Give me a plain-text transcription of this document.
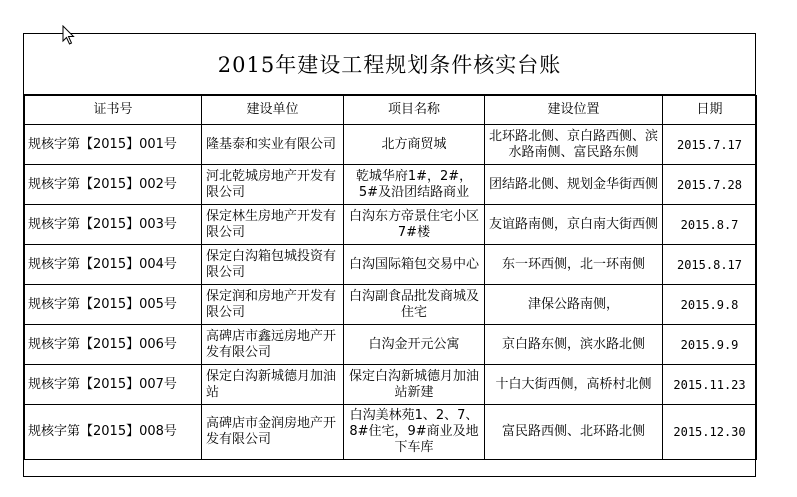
2015年建设工程规划条件核实台账
证书号	建设单位	项目名称	建设位置	日期
规核字第【2015】001号	隆基泰和实业有限公司	北方商贸城	北环路北侧、京白路西侧、滨水路南侧、富民路东侧	2015.7.17
规核字第【2015】002号	河北乾城房地产开发有限公司	乾城华府1#，2#，5#及沿团结路商业	团结路北侧、规划金华街西侧	2015.7.28
规核字第【2015】003号	保定林生房地产开发有限公司	白沟东方帝景住宅小区7#楼	友谊路南侧，京白南大街西侧	2015.8.7
规核字第【2015】004号	保定白沟箱包城投资有限公司	白沟国际箱包交易中心	东一环西侧，北一环南侧	2015.8.17
规核字第【2015】005号	保定润和房地产开发有限公司	白沟副食品批发商城及住宅	津保公路南侧，	2015.9.8
规核字第【2015】006号	高碑店市鑫远房地产开发有限公司	白沟金开元公寓	京白路东侧，滨水路北侧	2015.9.9
规核字第【2015】007号	保定白沟新城德月加油站	保定白沟新城德月加油站新建	十白大街西侧，高桥村北侧	2015.11.23
规核字第【2015】008号	高碑店市金润房地产开发有限公司	白沟美林苑1、2、7、8#住宅，9#商业及地下车库	富民路西侧、北环路北侧	2015.12.30
